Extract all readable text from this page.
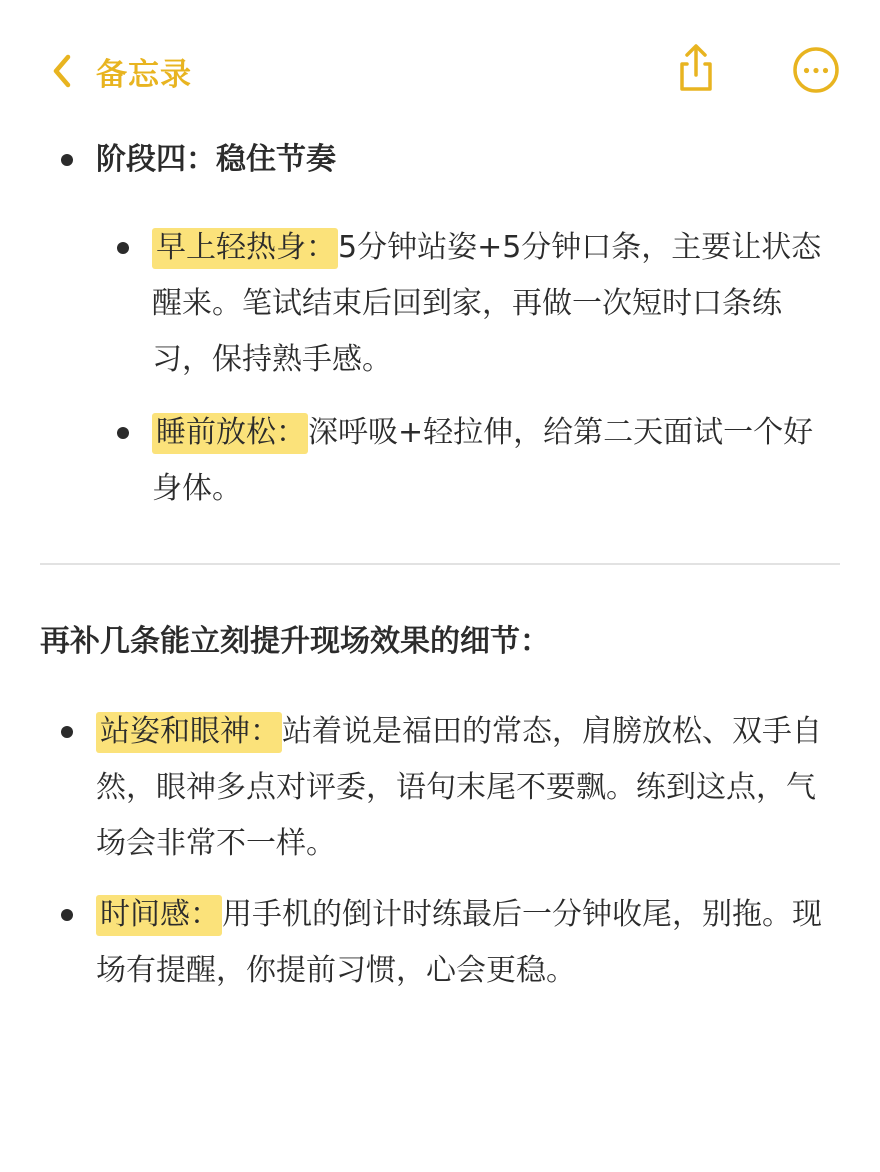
备忘录
阶段四：稳住节奏
早上轻热身：5分钟站姿+5分钟口条，主要让状态醒来。笔试结束后回到家，再做一次短时口条练习，保持熟手感。
睡前放松：深呼吸+轻拉伸，给第二天面试一个好身体。
再补几条能立刻提升现场效果的细节：
站姿和眼神：站着说是福田的常态，肩膀放松、双手自然，眼神多点对评委，语句末尾不要飘。练到这点，气场会非常不一样。
时间感：用手机的倒计时练最后一分钟收尾，别拖。现场有提醒，你提前习惯，心会更稳。
